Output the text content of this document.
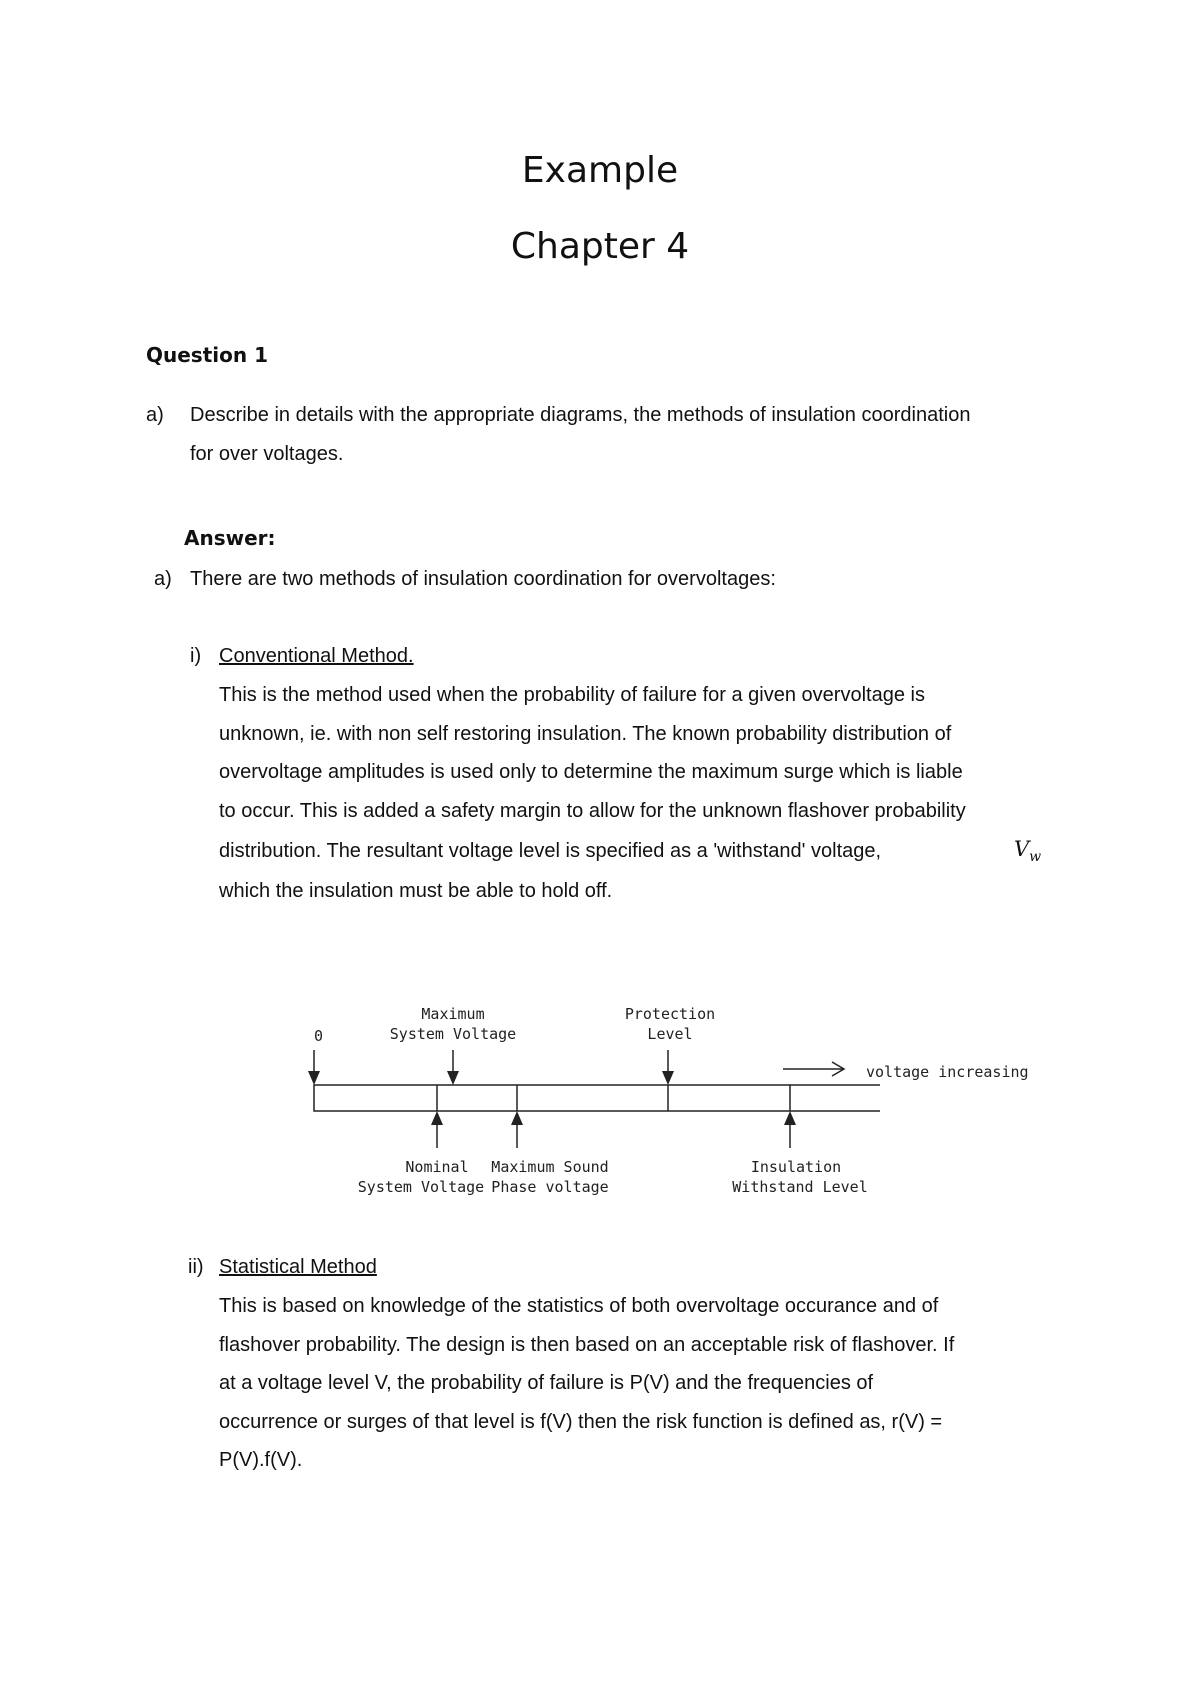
Example
Chapter 4
Question 1
a) Describe in details with the appropriate diagrams, the methods of insulation coordination
for over voltages.
Answer:
a) There are two methods of insulation coordination for overvoltages:
i) Conventional Method.
This is the method used when the probability of failure for a given overvoltage is
unknown, ie. with non self restoring insulation. The known probability distribution of
overvoltage amplitudes is used only to determine the maximum surge which is liable
to occur. This is added a safety margin to allow for the unknown flashover probability
distribution. The resultant voltage level is specified as a 'withstand' voltage,	$V_w$
which the insulation must be able to hold off.
0
Maximum
System Voltage
Protection
Level
voltage increasing
Nominal
System Voltage
Maximum Sound
Phase voltage
Insulation
Withstand Level
ii) Statistical Method
This is based on knowledge of the statistics of both overvoltage occurance and of
flashover probability. The design is then based on an acceptable risk of flashover. If
at a voltage level V, the probability of failure is P(V) and the frequencies of
occurrence or surges of that level is f(V) then the risk function is defined as, r(V) =
P(V).f(V).
